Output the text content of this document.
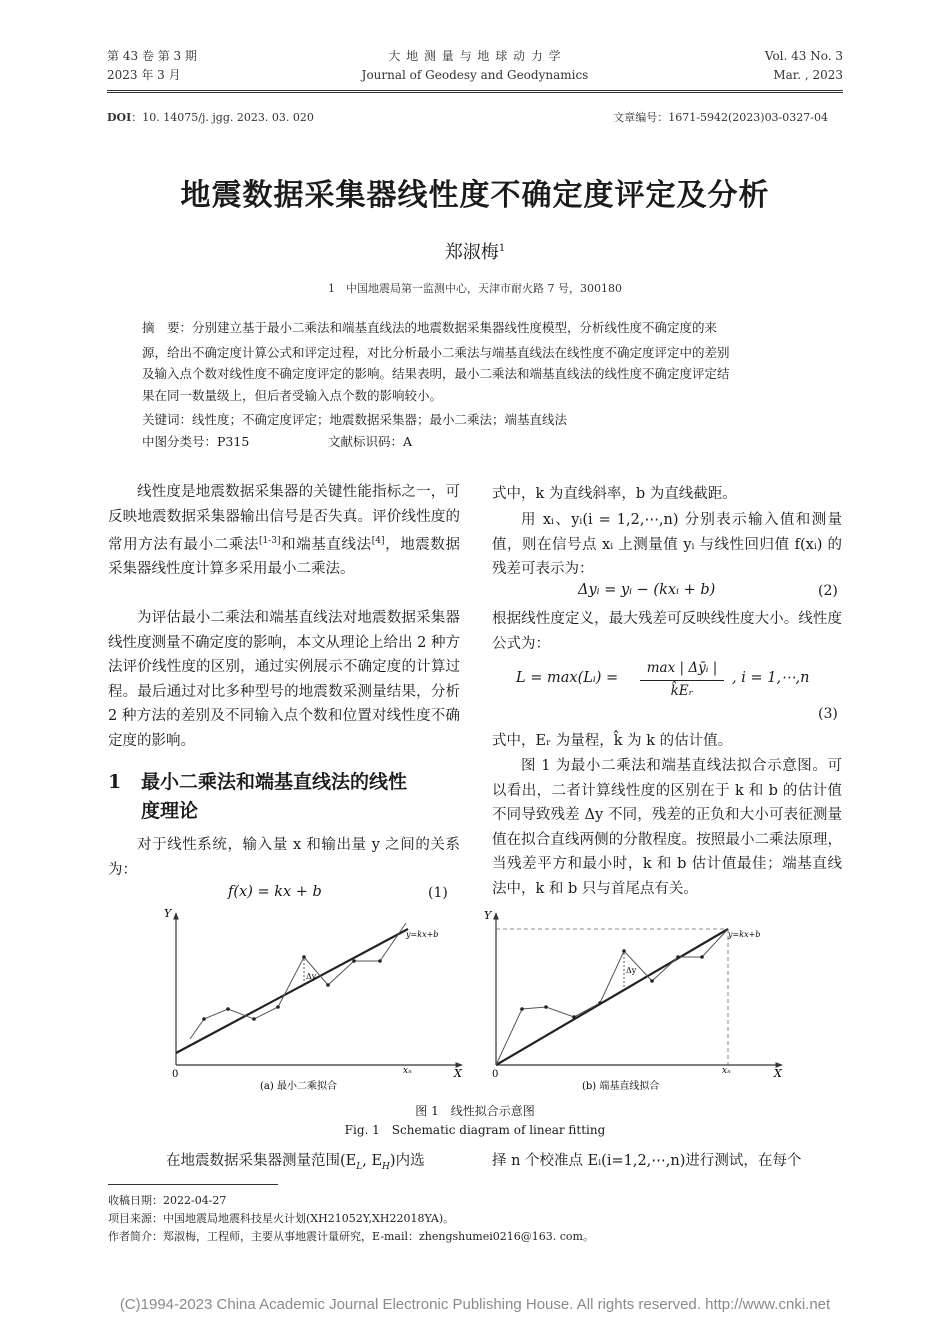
第 43 卷 第 3 期
2023 年 3 月
大 地 测 量 与 地 球 动 力 学
Journal of Geodesy and Geodynamics
Vol. 43 No. 3
Mar. , 2023
DOI：10. 14075/j. jgg. 2023. 03. 020	文章编号：1671-5942(2023)03-0327-04
地震数据采集器线性度不确定度评定及分析
郑淑梅$^1$
1　中国地震局第一监测中心，天津市耐火路 7 号，300180
摘　要：分别建立基于最小二乘法和端基直线法的地震数据采集器线性度模型，分析线性度不确定度的来
源，给出不确定度计算公式和评定过程，对比分析最小二乘法与端基直线法在线性度不确定度评定中的差别
及输入点个数对线性度不确定度评定的影响。结果表明，最小二乘法和端基直线法的线性度不确定度评定结
果在同一数量级上，但后者受输入点个数的影响较小。
关键词：线性度；不确定度评定；地震数据采集器；最小二乘法；端基直线法
中图分类号：P315	文献标识码：A
线性度是地震数据采集器的关键性能指标之一，可反映地震数据采集器输出信号是否失真。评价线性度的常用方法有最小二乘法[1-3]和端基直线法[4]，地震数据采集器线性度计算多采用最小二乘法。
为评估最小二乘法和端基直线法对地震数据采集器线性度测量不确定度的影响，本文从理论上给出 2 种方法评价线性度的区别，通过实例展示不确定度的计算过程。最后通过对比多种型号的地震数采测量结果，分析 2 种方法的差别及不同输入点个数和位置对线性度不确定度的影响。
1 最小二乘法和端基直线法的线性
度理论
对于线性系统，输入量 x 和输出量 y 之间的关系为：
f(x) = kx + b	(1)
式中，k 为直线斜率，b 为直线截距。
用 xᵢ、yᵢ(i = 1,2,⋯,n) 分别表示输入值和测量值，则在信号点 xᵢ 上测量值 yᵢ 与线性回归值 f(xᵢ) 的残差可表示为：
Δyᵢ = yᵢ − (kxᵢ + b)	(2)
根据线性度定义，最大残差可反映线性度大小。线性度公式为：
L = max(Lᵢ) =
max | Δȳᵢ |
k̂Eᵣ
, i = 1,⋯,n
(3)
式中，Eᵣ 为量程，k̂ 为 k 的估计值。
图 1 为最小二乘法和端基直线法拟合示意图。可以看出，二者计算线性度的区别在于 k 和 b 的估计值不同导致残差 Δy 不同，残差的正负和大小可表征测量值在拟合直线两侧的分散程度。按照最小二乘法原理，当残差平方和最小时，k 和 b 估计值最佳；端基直线法中，k 和 b 只与首尾点有关。
Y
X
0	xₙ
Δy
y=kx+b
(a) 最小二乘拟合
Y
X
0	xₙ
Δy
y=kx+b
(b) 端基直线拟合
图 1　线性拟合示意图
Fig. 1　Schematic diagram of linear fitting
在地震数据采集器测量范围($E_L$, $E_H$)内选	择 n 个校准点 Eᵢ(i=1,2,⋯,n)进行测试，在每个
收稿日期：2022-04-27
项目来源：中国地震局地震科技星火计划(XH21052Y,XH22018YA)。
作者简介：郑淑梅，工程师，主要从事地震计量研究，E-mail：zhengshumei0216@163. com。
(C)1994-2023 China Academic Journal Electronic Publishing House. All rights reserved. http://www.cnki.net
